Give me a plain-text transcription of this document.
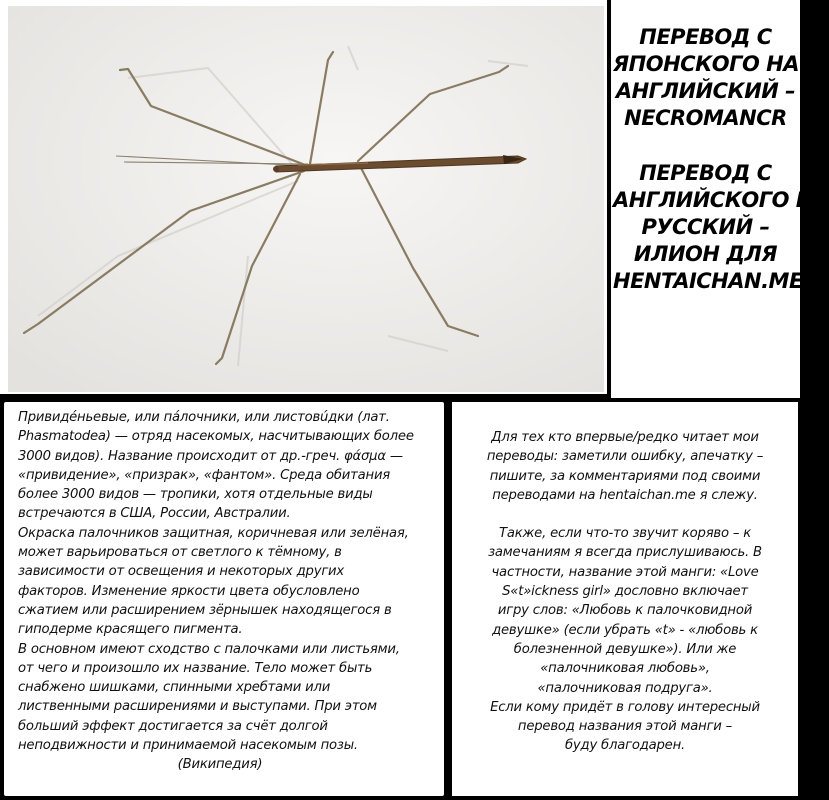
ПЕРЕВОД С
ЯПОНСКОГО НА
АНГЛИЙСКИЙ –
NECROMANCR
ПЕРЕВОД С
АНГЛИЙСКОГО НА
РУССКИЙ –
ИЛИОН ДЛЯ
HENTAICHAN.ME
Привидéньевые, или пáлочники, или листовúдки (лат.
Phasmatodea) — отряд насекомых, насчитывающих более
3000 видов). Название происходит от др.-греч. φάσμα —
«привидение», «призрак», «фантом». Среда обитания
более 3000 видов — тропики, хотя отдельные виды
встречаются в США, России, Австралии.
Окраска палочников защитная, коричневая или зелёная,
может варьироваться от светлого к тёмному, в
зависимости от освещения и некоторых других
факторов. Изменение яркости цвета обусловлено
сжатием или расширением зёрнышек находящегося в
гиподерме красящего пигмента.
В основном имеют сходство с палочками или листьями,
от чего и произошло их название. Тело может быть
снабжено шишками, спинными хребтами или
лиственными расширениями и выступами. При этом
больший эффект достигается за счёт долгой
неподвижности и принимаемой насекомым позы.
(Википедия)
Для тех кто впервые/редко читает мои
переводы: заметили ошибку, апечатку –
пишите, за комментариями под своими
переводами на hentaichan.me я слежу.
Также, если что-то звучит корявo – к
замечаниям я всегда прислушиваюсь. В
частности, название этой манги: «Love
S«t»ickness girl» дословно включает
игру слов: «Любовь к палочковидной
девушке» (если убрать «t» - «любовь к
болезненной девушке»). Или же
«палочниковая любовь»,
«палочниковая подруга».
Если кому придёт в голову интересный
перевод названия этой манги –
буду благодарен.
